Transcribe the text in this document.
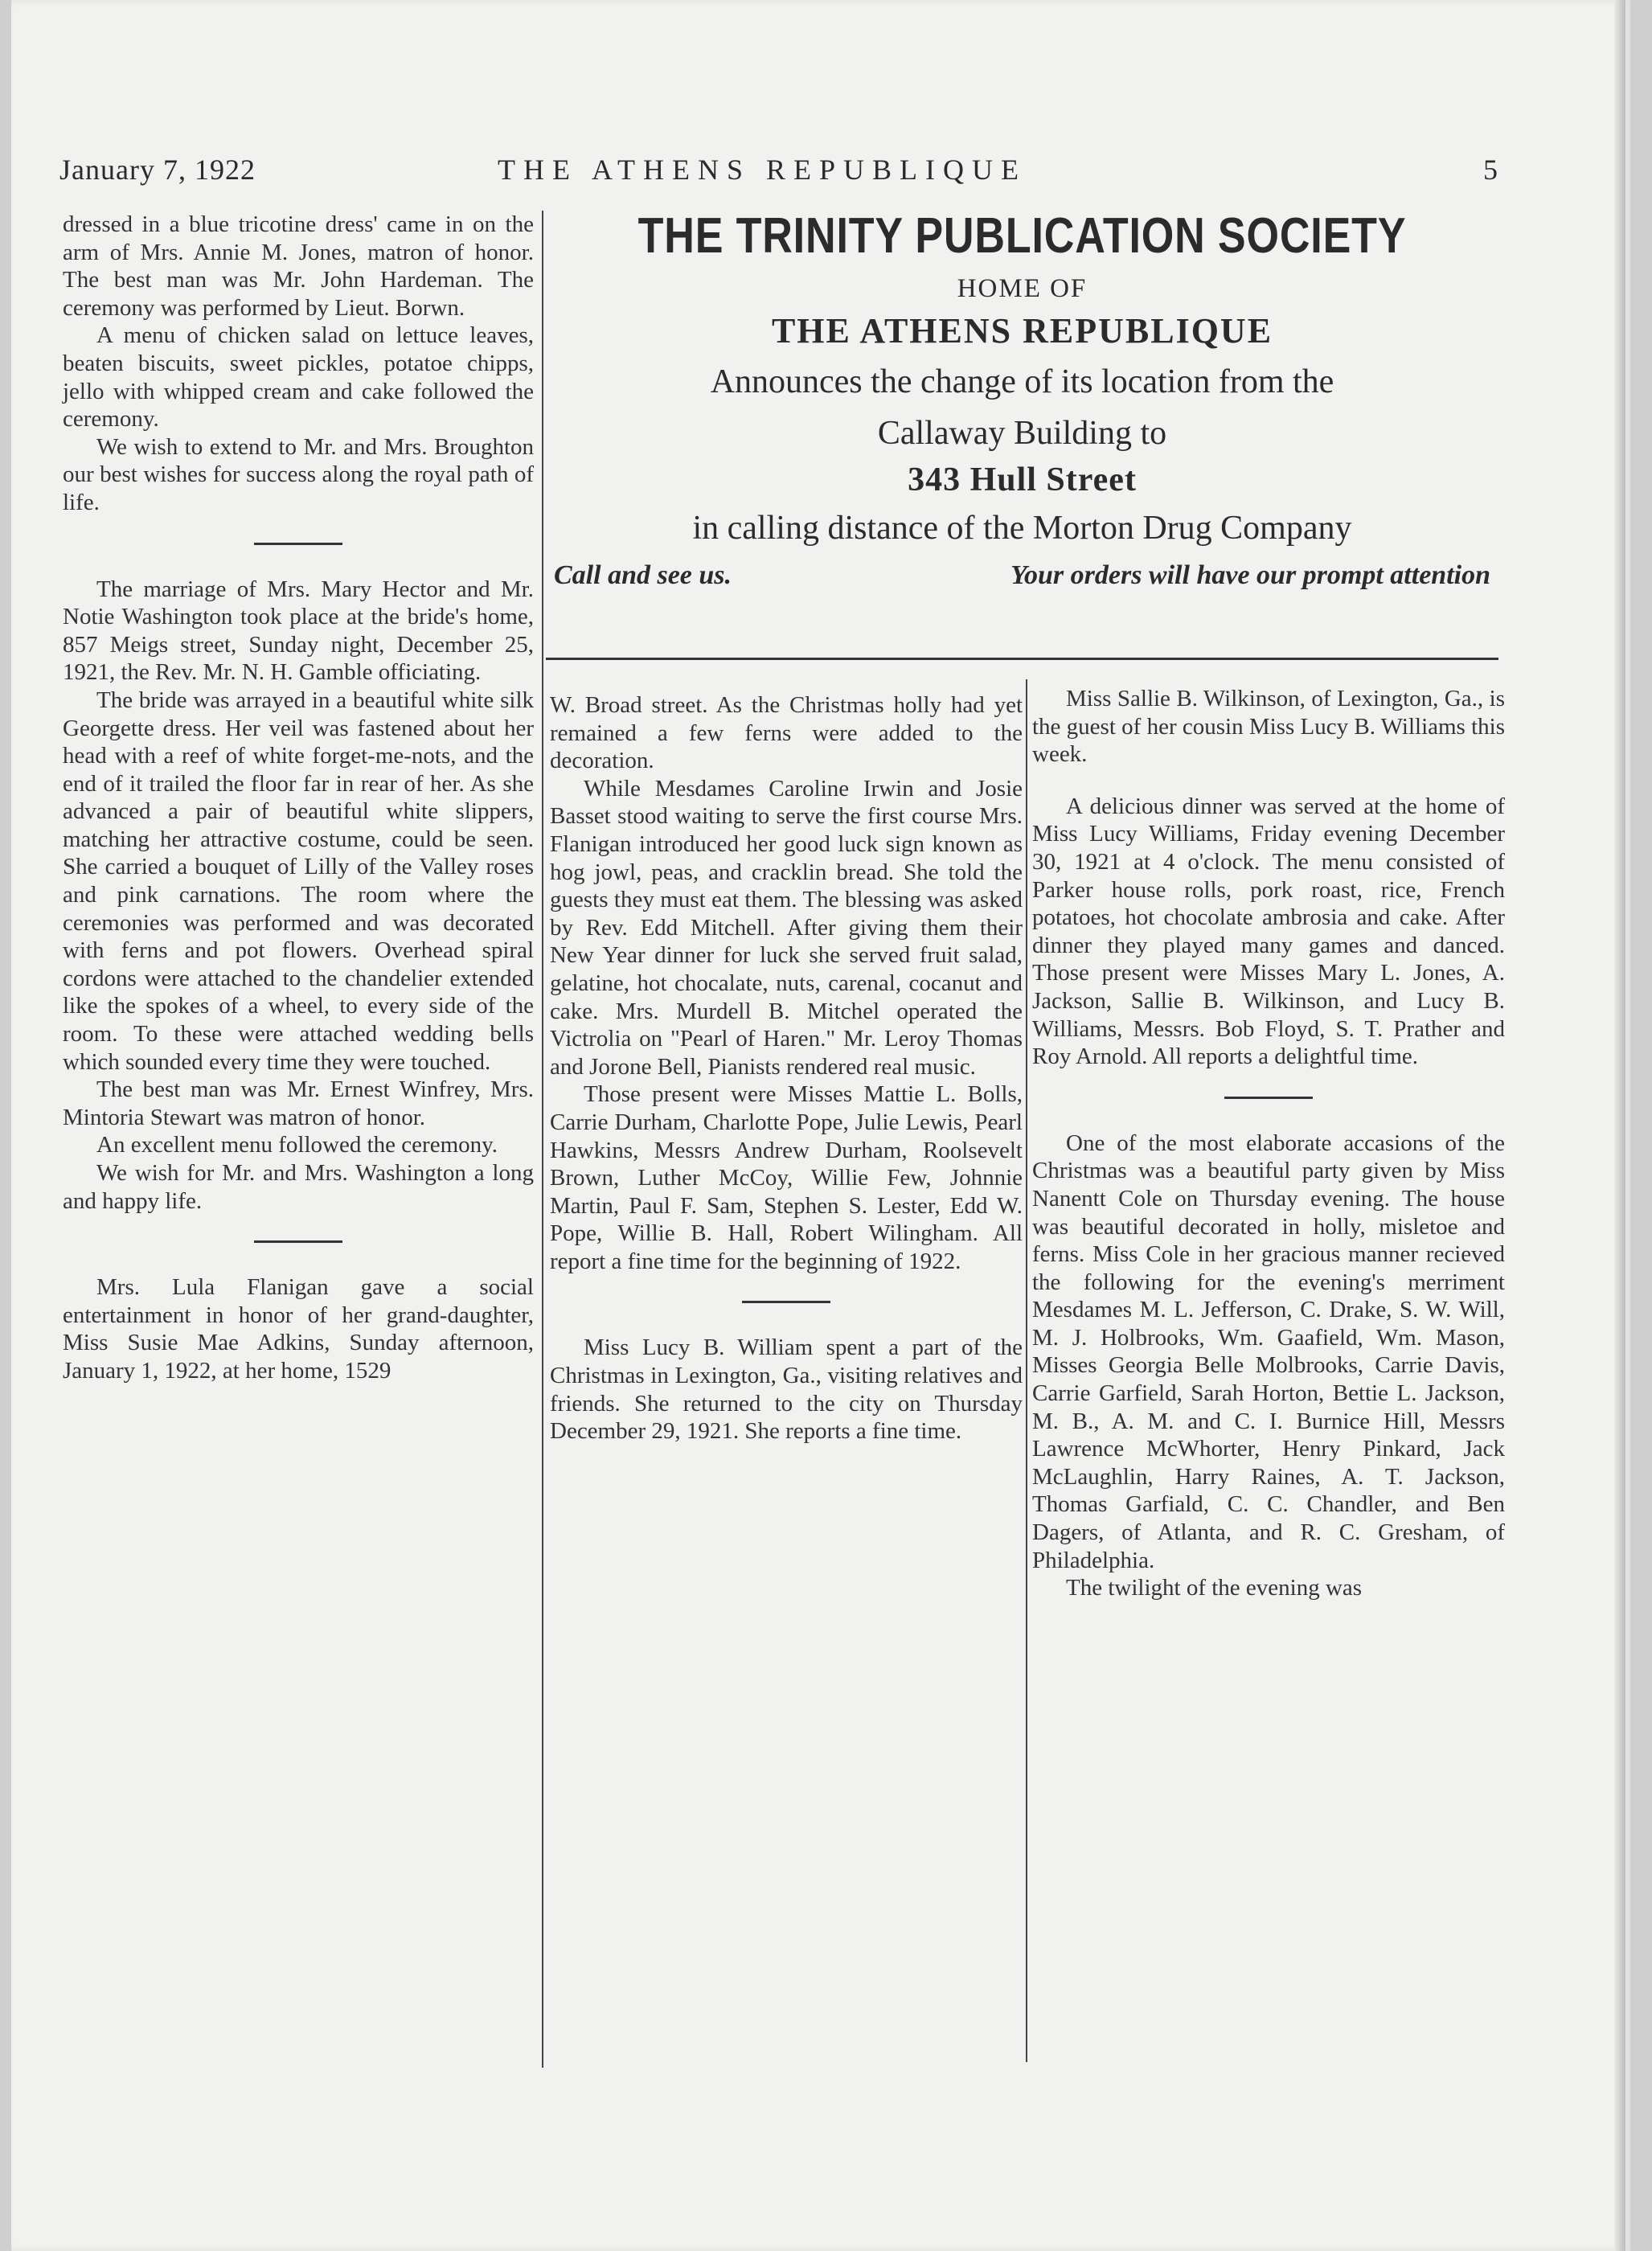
January 7, 1922	THE ATHENS REPUBLIQUE	5

dressed in a blue tricotine dress' came in on the arm of Mrs. Annie M. Jones, matron of honor. The best man was Mr. John Hardeman. The ceremony was performed by Lieut. Borwn.

A menu of chicken salad on lettuce leaves, beaten biscuits, sweet pickles, potatoe chipps, jello with whipped cream and cake followed the ceremony.

We wish to extend to Mr. and Mrs. Broughton our best wishes for success along the royal path of life.

The marriage of Mrs. Mary Hector and Mr. Notie Washington took place at the bride's home, 857 Meigs street, Sunday night, December 25, 1921, the Rev. Mr. N. H. Gamble officiating.

The bride was arrayed in a beautiful white silk Georgette dress. Her veil was fastened about her head with a reef of white forget-me-nots, and the end of it trailed the floor far in rear of her. As she advanced a pair of beautiful white slippers, matching her attractive costume, could be seen. She carried a bouquet of Lilly of the Valley roses and pink carnations. The room where the ceremonies was performed and was decorated with ferns and pot flowers. Overhead spiral cordons were attached to the chandelier extended like the spokes of a wheel, to every side of the room. To these were attached wedding bells which sounded every time they were touched.

The best man was Mr. Ernest Winfrey, Mrs. Mintoria Stewart was matron of honor.

An excellent menu followed the ceremony.

We wish for Mr. and Mrs. Washington a long and happy life.

Mrs. Lula Flanigan gave a social entertainment in honor of her grand-daughter, Miss Susie Mae Adkins, Sunday afternoon, January 1, 1922, at her home, 1529

THE TRINITY PUBLICATION SOCIETY
HOME OF
THE ATHENS REPUBLIQUE
Announces the change of its location from the
Callaway Building to
343 Hull Street
in calling distance of the Morton Drug Company
Call and see us.	Your orders will have our prompt attention

W. Broad street. As the Christmas holly had yet remained a few ferns were added to the decoration.

While Mesdames Caroline Irwin and Josie Basset stood waiting to serve the first course Mrs. Flanigan introduced her good luck sign known as hog jowl, peas, and cracklin bread. She told the guests they must eat them. The blessing was asked by Rev. Edd Mitchell. After giving them their New Year dinner for luck she served fruit salad, gelatine, hot chocalate, nuts, carenal, cocanut and cake. Mrs. Murdell B. Mitchel operated the Victrolia on "Pearl of Haren." Mr. Leroy Thomas and Jorone Bell, Pianists rendered real music.

Those present were Misses Mattie L. Bolls, Carrie Durham, Charlotte Pope, Julie Lewis, Pearl Hawkins, Messrs Andrew Durham, Roolsevelt Brown, Luther McCoy, Willie Few, Johnnie Martin, Paul F. Sam, Stephen S. Lester, Edd W. Pope, Willie B. Hall, Robert Wilingham. All report a fine time for the beginning of 1922.

Miss Lucy B. William spent a part of the Christmas in Lexington, Ga., visiting relatives and friends. She returned to the city on Thursday December 29, 1921. She reports a fine time.

Miss Sallie B. Wilkinson, of Lexington, Ga., is the guest of her cousin Miss Lucy B. Williams this week.

A delicious dinner was served at the home of Miss Lucy Williams, Friday evening December 30, 1921 at 4 o'clock. The menu consisted of Parker house rolls, pork roast, rice, French potatoes, hot chocolate ambrosia and cake. After dinner they played many games and danced. Those present were Misses Mary L. Jones, A. Jackson, Sallie B. Wilkinson, and Lucy B. Williams, Messrs. Bob Floyd, S. T. Prather and Roy Arnold. All reports a delightful time.

One of the most elaborate accasions of the Christmas was a beautiful party given by Miss Nanentt Cole on Thursday evening. The house was beautiful decorated in holly, misletoe and ferns. Miss Cole in her gracious manner recieved the following for the evening's merriment Mesdames M. L. Jefferson, C. Drake, S. W. Will, M. J. Holbrooks, Wm. Gaafield, Wm. Mason, Misses Georgia Belle Molbrooks, Carrie Davis, Carrie Garfield, Sarah Horton, Bettie L. Jackson, M. B., A. M. and C. I. Burnice Hill, Messrs Lawrence McWhorter, Henry Pinkard, Jack McLaughlin, Harry Raines, A. T. Jackson, Thomas Garfiald, C. C. Chandler, and Ben Dagers, of Atlanta, and R. C. Gresham, of Philadelphia.

The twilight of the evening was
